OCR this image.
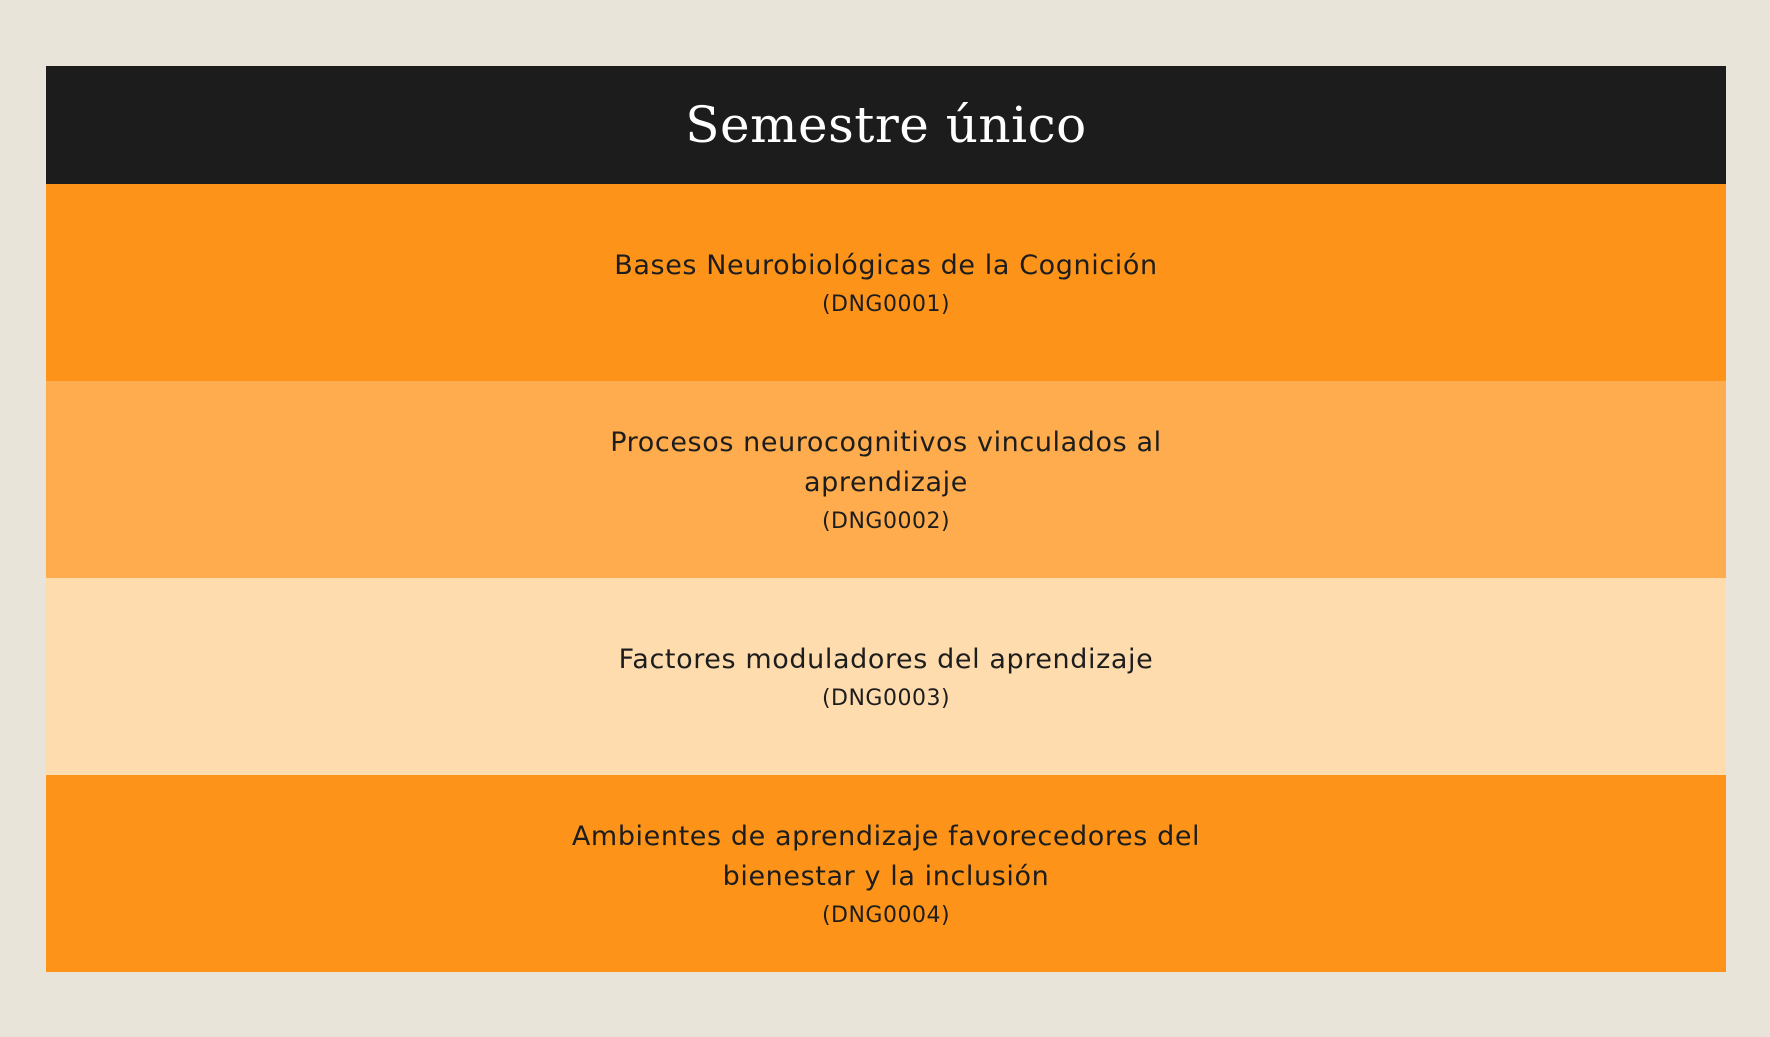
Semestre único
Bases Neurobiológicas de la Cognición
(DNG0001)
Procesos neurocognitivos vinculados al aprendizaje
(DNG0002)
Factores moduladores del aprendizaje
(DNG0003)
Ambientes de aprendizaje favorecedores del bienestar y la inclusión
(DNG0004)
